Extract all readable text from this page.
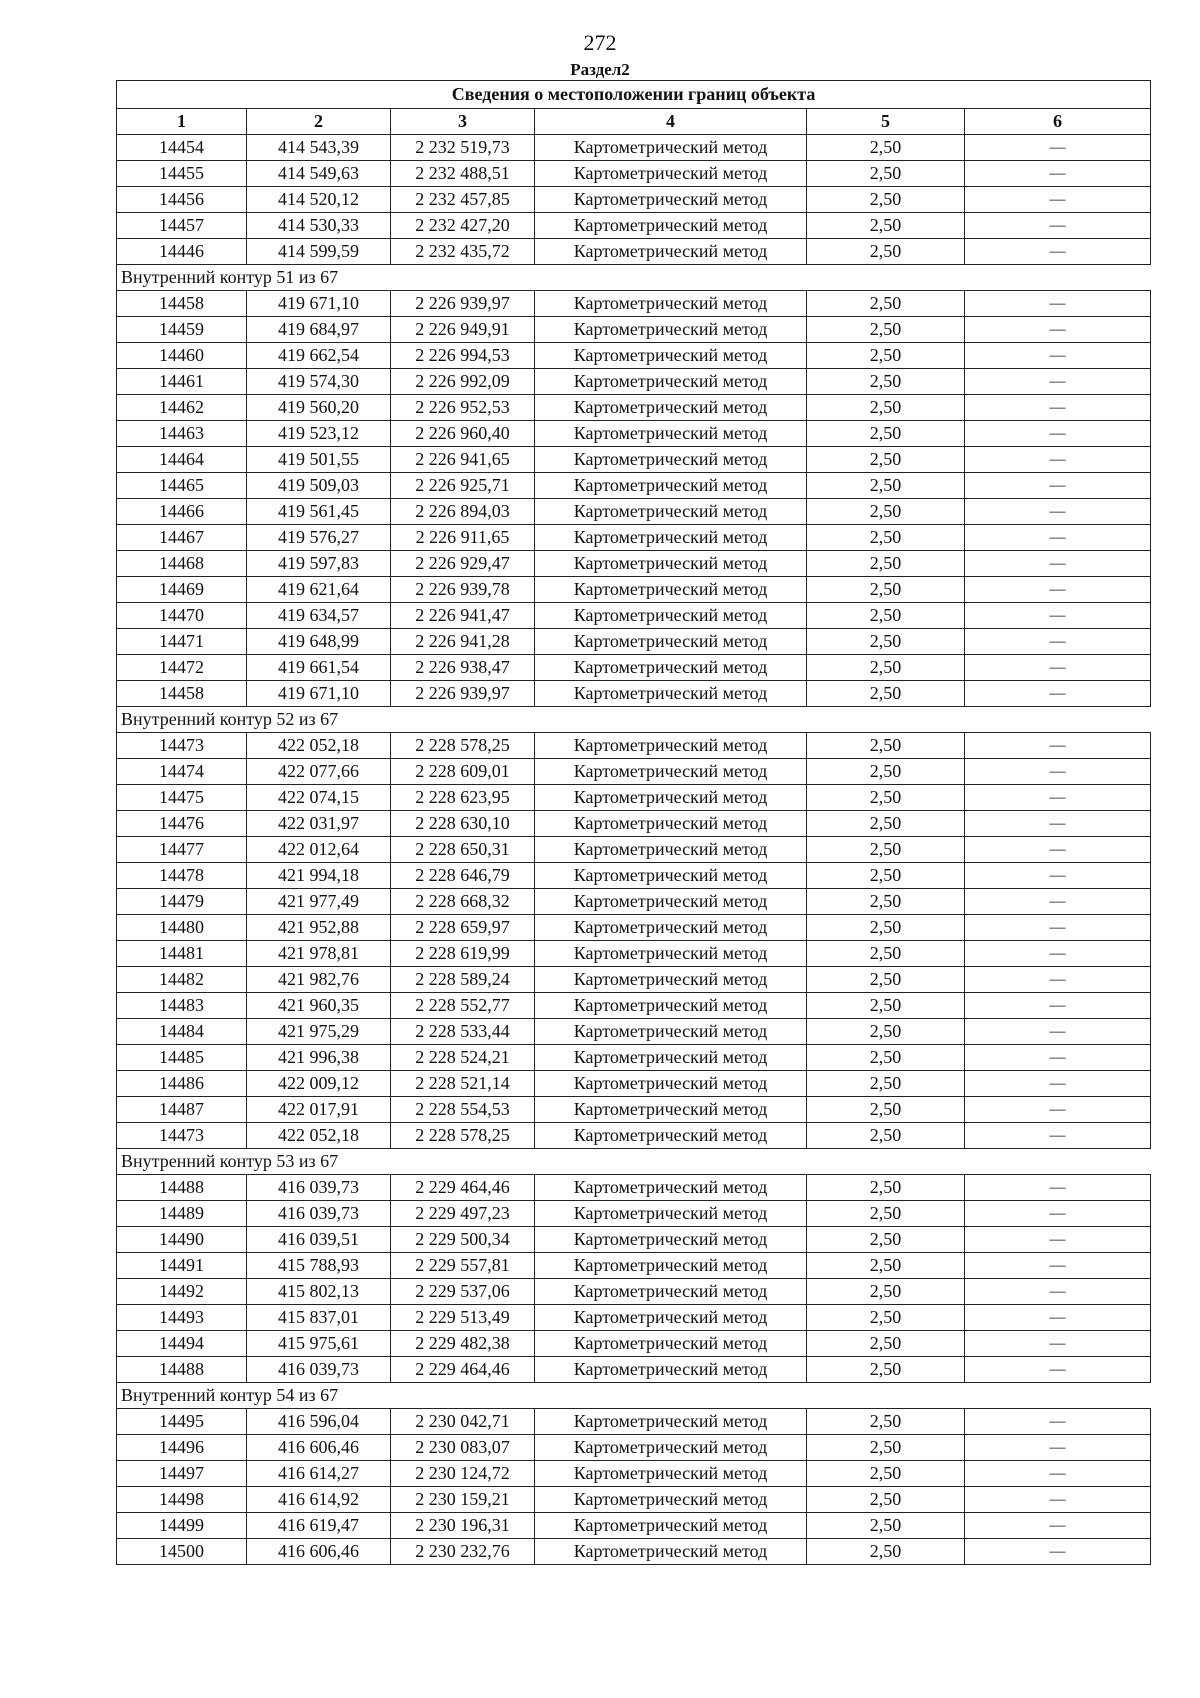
272
Раздел2
Сведения о местоположении границ объекта					
1	2	3	4	5	6
14454	414 543,39	2 232 519,73	Картометрический метод	2,50	—
14455	414 549,63	2 232 488,51	Картометрический метод	2,50	—
14456	414 520,12	2 232 457,85	Картометрический метод	2,50	—
14457	414 530,33	2 232 427,20	Картометрический метод	2,50	—
14446	414 599,59	2 232 435,72	Картометрический метод	2,50	—
Внутренний контур 51 из 67					
14458	419 671,10	2 226 939,97	Картометрический метод	2,50	—
14459	419 684,97	2 226 949,91	Картометрический метод	2,50	—
14460	419 662,54	2 226 994,53	Картометрический метод	2,50	—
14461	419 574,30	2 226 992,09	Картометрический метод	2,50	—
14462	419 560,20	2 226 952,53	Картометрический метод	2,50	—
14463	419 523,12	2 226 960,40	Картометрический метод	2,50	—
14464	419 501,55	2 226 941,65	Картометрический метод	2,50	—
14465	419 509,03	2 226 925,71	Картометрический метод	2,50	—
14466	419 561,45	2 226 894,03	Картометрический метод	2,50	—
14467	419 576,27	2 226 911,65	Картометрический метод	2,50	—
14468	419 597,83	2 226 929,47	Картометрический метод	2,50	—
14469	419 621,64	2 226 939,78	Картометрический метод	2,50	—
14470	419 634,57	2 226 941,47	Картометрический метод	2,50	—
14471	419 648,99	2 226 941,28	Картометрический метод	2,50	—
14472	419 661,54	2 226 938,47	Картометрический метод	2,50	—
14458	419 671,10	2 226 939,97	Картометрический метод	2,50	—
Внутренний контур 52 из 67					
14473	422 052,18	2 228 578,25	Картометрический метод	2,50	—
14474	422 077,66	2 228 609,01	Картометрический метод	2,50	—
14475	422 074,15	2 228 623,95	Картометрический метод	2,50	—
14476	422 031,97	2 228 630,10	Картометрический метод	2,50	—
14477	422 012,64	2 228 650,31	Картометрический метод	2,50	—
14478	421 994,18	2 228 646,79	Картометрический метод	2,50	—
14479	421 977,49	2 228 668,32	Картометрический метод	2,50	—
14480	421 952,88	2 228 659,97	Картометрический метод	2,50	—
14481	421 978,81	2 228 619,99	Картометрический метод	2,50	—
14482	421 982,76	2 228 589,24	Картометрический метод	2,50	—
14483	421 960,35	2 228 552,77	Картометрический метод	2,50	—
14484	421 975,29	2 228 533,44	Картометрический метод	2,50	—
14485	421 996,38	2 228 524,21	Картометрический метод	2,50	—
14486	422 009,12	2 228 521,14	Картометрический метод	2,50	—
14487	422 017,91	2 228 554,53	Картометрический метод	2,50	—
14473	422 052,18	2 228 578,25	Картометрический метод	2,50	—
Внутренний контур 53 из 67					
14488	416 039,73	2 229 464,46	Картометрический метод	2,50	—
14489	416 039,73	2 229 497,23	Картометрический метод	2,50	—
14490	416 039,51	2 229 500,34	Картометрический метод	2,50	—
14491	415 788,93	2 229 557,81	Картометрический метод	2,50	—
14492	415 802,13	2 229 537,06	Картометрический метод	2,50	—
14493	415 837,01	2 229 513,49	Картометрический метод	2,50	—
14494	415 975,61	2 229 482,38	Картометрический метод	2,50	—
14488	416 039,73	2 229 464,46	Картометрический метод	2,50	—
Внутренний контур 54 из 67					
14495	416 596,04	2 230 042,71	Картометрический метод	2,50	—
14496	416 606,46	2 230 083,07	Картометрический метод	2,50	—
14497	416 614,27	2 230 124,72	Картометрический метод	2,50	—
14498	416 614,92	2 230 159,21	Картометрический метод	2,50	—
14499	416 619,47	2 230 196,31	Картометрический метод	2,50	—
14500	416 606,46	2 230 232,76	Картометрический метод	2,50	—
